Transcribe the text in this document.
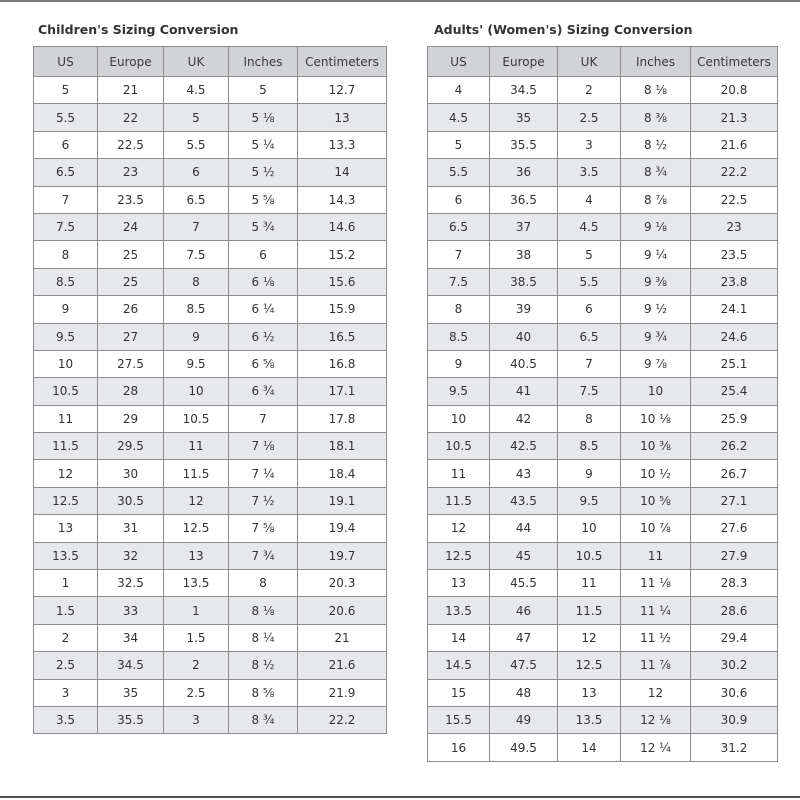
Children's Sizing Conversion
US	Europe	UK	Inches	Centimeters
5	21	4.5	5	12.7
5.5	22	5	5 ⅛	13
6	22.5	5.5	5 ¼	13.3
6.5	23	6	5 ½	14
7	23.5	6.5	5 ⅝	14.3
7.5	24	7	5 ¾	14.6
8	25	7.5	6	15.2
8.5	25	8	6 ⅛	15.6
9	26	8.5	6 ¼	15.9
9.5	27	9	6 ½	16.5
10	27.5	9.5	6 ⅝	16.8
10.5	28	10	6 ¾	17.1
11	29	10.5	7	17.8
11.5	29.5	11	7 ⅛	18.1
12	30	11.5	7 ¼	18.4
12.5	30.5	12	7 ½	19.1
13	31	12.5	7 ⅝	19.4
13.5	32	13	7 ¾	19.7
1	32.5	13.5	8	20.3
1.5	33	1	8 ⅛	20.6
2	34	1.5	8 ¼	21
2.5	34.5	2	8 ½	21.6
3	35	2.5	8 ⅝	21.9
3.5	35.5	3	8 ¾	22.2
Adults' (Women's) Sizing Conversion
US	Europe	UK	Inches	Centimeters
4	34.5	2	8 ⅛	20.8
4.5	35	2.5	8 ⅜	21.3
5	35.5	3	8 ½	21.6
5.5	36	3.5	8 ¾	22.2
6	36.5	4	8 ⅞	22.5
6.5	37	4.5	9 ⅛	23
7	38	5	9 ¼	23.5
7.5	38.5	5.5	9 ⅜	23.8
8	39	6	9 ½	24.1
8.5	40	6.5	9 ¾	24.6
9	40.5	7	9 ⅞	25.1
9.5	41	7.5	10	25.4
10	42	8	10 ⅛	25.9
10.5	42.5	8.5	10 ⅜	26.2
11	43	9	10 ½	26.7
11.5	43.5	9.5	10 ⅝	27.1
12	44	10	10 ⅞	27.6
12.5	45	10.5	11	27.9
13	45.5	11	11 ⅛	28.3
13.5	46	11.5	11 ¼	28.6
14	47	12	11 ½	29.4
14.5	47.5	12.5	11 ⅞	30.2
15	48	13	12	30.6
15.5	49	13.5	12 ⅛	30.9
16	49.5	14	12 ¼	31.2
